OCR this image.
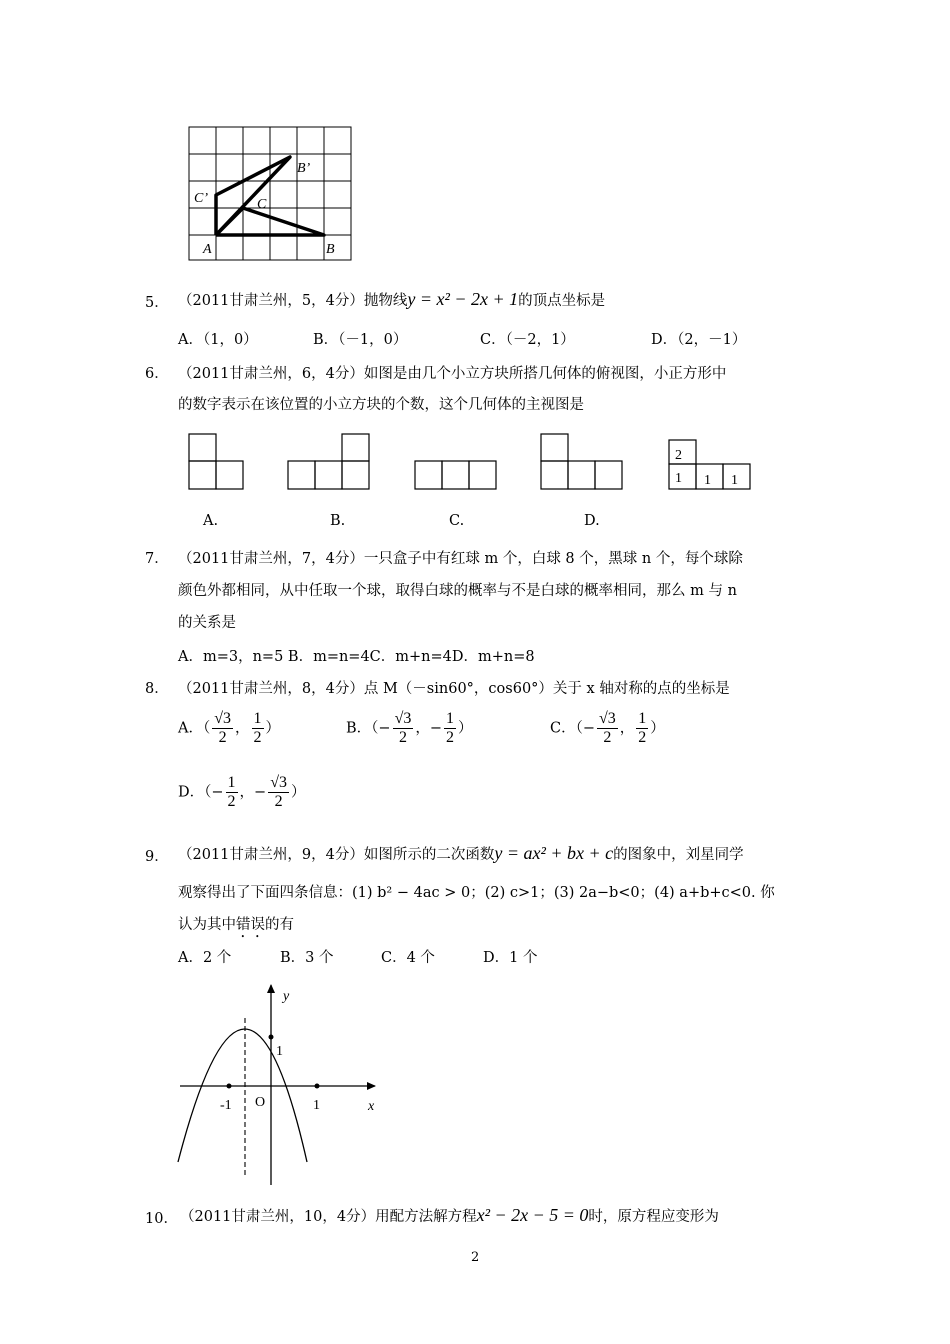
A	B
C
B’
C’
5． （2011甘肃兰州，5，4分）抛物线y = x² − 2x + 1的顶点坐标是
A．（1，0）	B．（－1，0）	C．（－2，1）	D．（2，－1）
6． （2011甘肃兰州，6，4分）如图是由几个小立方块所搭几何体的俯视图，小正方形中
的数字表示在该位置的小立方块的个数，这个几何体的主视图是
2
1 1 1
A.	B.	C.	D.
7． （2011甘肃兰州，7，4分）一只盒子中有红球 m 个，白球 8 个，黑球 n 个，每个球除
颜色外都相同，从中任取一个球，取得白球的概率与不是白球的概率相同，那么 m 与 n
的关系是
A．m=3，n=5 B．m=n=4C．m+n=4D．m+n=8
8． （2011甘肃兰州，8，4分）点 M（－sin60°，cos60°）关于 x 轴对称的点的坐标是
A．（ $\frac{√3}{2}$ ， $\frac{1}{2}$ ）	B．（− $\frac{√3}{2}$ ，− $\frac{1}{2}$ ）	C．（− $\frac{√3}{2}$ ， $\frac{1}{2}$ ）
D．（− $\frac{1}{2}$ ，− $\frac{√3}{2}$ ）
9． （2011甘肃兰州，9，4分）如图所示的二次函数y = ax² + bx + c的图象中，刘星同学
观察得出了下面四条信息：(1) b² − 4ac > 0；(2) c>1；(3) 2a−b<0；(4) a+b+c<0. 你
认为其中错误的有
A．2 个	B．3 个	C．4 个	D．1 个
y
x
O
-1	1
1
10． （2011甘肃兰州，10，4分）用配方法解方程x² − 2x − 5 = 0时，原方程应变形为
2
